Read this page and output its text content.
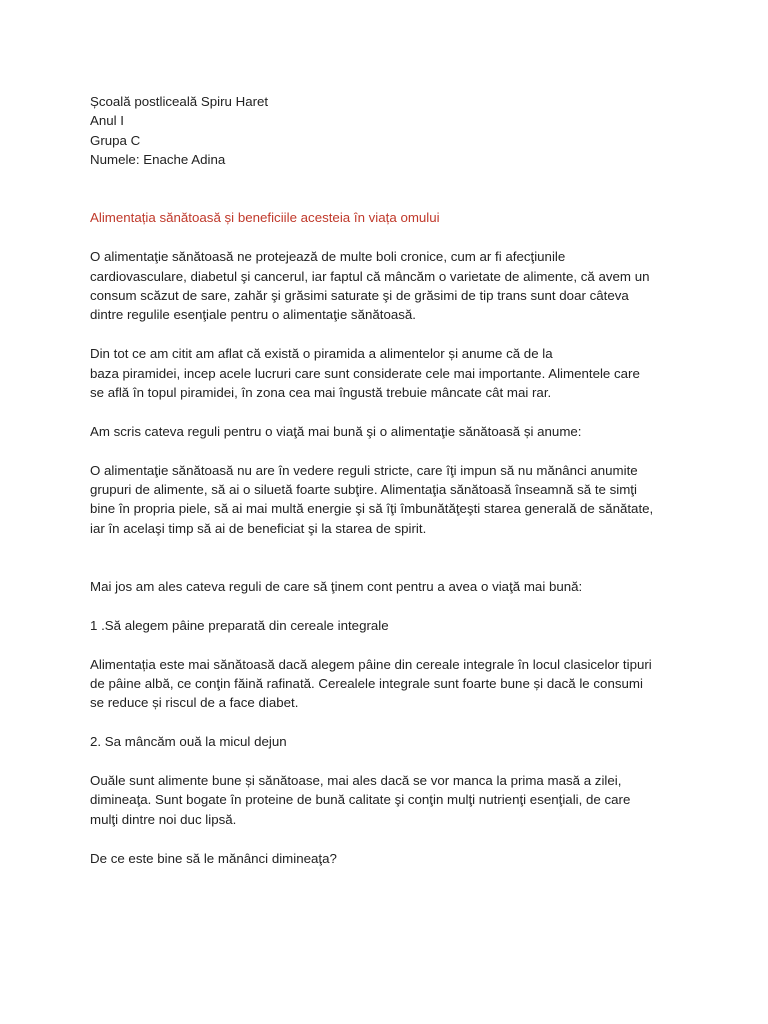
Școală postliceală Spiru Haret
Anul I
Grupa C
Numele: Enache Adina
Alimentația sănătoasă și beneficiile acesteia în viața omului
O alimentaţie sănătoasă ne protejează de multe boli cronice, cum ar fi afecţiunile
cardiovasculare, diabetul şi cancerul, iar faptul că mâncăm o varietate de alimente, că avem un
consum scăzut de sare, zahăr şi grăsimi saturate şi de grăsimi de tip trans sunt doar câteva
dintre regulile esenţiale pentru o alimentaţie sănătoasă.
Din tot ce am citit am aflat că există o piramida a alimentelor și anume că de la
baza piramidei, incep acele lucruri care sunt considerate cele mai importante. Alimentele care
se află în topul piramidei, în zona cea mai îngustă trebuie mâncate cât mai rar.
Am scris cateva reguli pentru o viaţă mai bună şi o alimentaţie sănătoasă și anume:
O alimentaţie sănătoasă nu are în vedere reguli stricte, care îţi impun să nu mănânci anumite
grupuri de alimente, să ai o siluetă foarte subţire. Alimentaţia sănătoasă înseamnă să te simţi
bine în propria piele, să ai mai multă energie şi să îţi îmbunătăţeşti starea generală de sănătate,
iar în acelaşi timp să ai de beneficiat şi la starea de spirit.
Mai jos am ales cateva reguli de care să ţinem cont pentru a avea o viaţă mai bună:
1 .Să alegem pâine preparată din cereale integrale
Alimentația este mai sănătoasă dacă alegem pâine din cereale integrale în locul clasicelor tipuri
de pâine albă, ce conţin făină rafinată. Cerealele integrale sunt foarte bune și dacă le consumi
se reduce și riscul de a face diabet.
2. Sa mâncăm ouă la micul dejun
Ouăle sunt alimente bune și sănătoase, mai ales dacă se vor manca la prima masă a zilei,
dimineaţa. Sunt bogate în proteine de bună calitate şi conţin mulţi nutrienţi esenţiali, de care
mulţi dintre noi duc lipsă.
De ce este bine să le mănânci dimineaţa?
